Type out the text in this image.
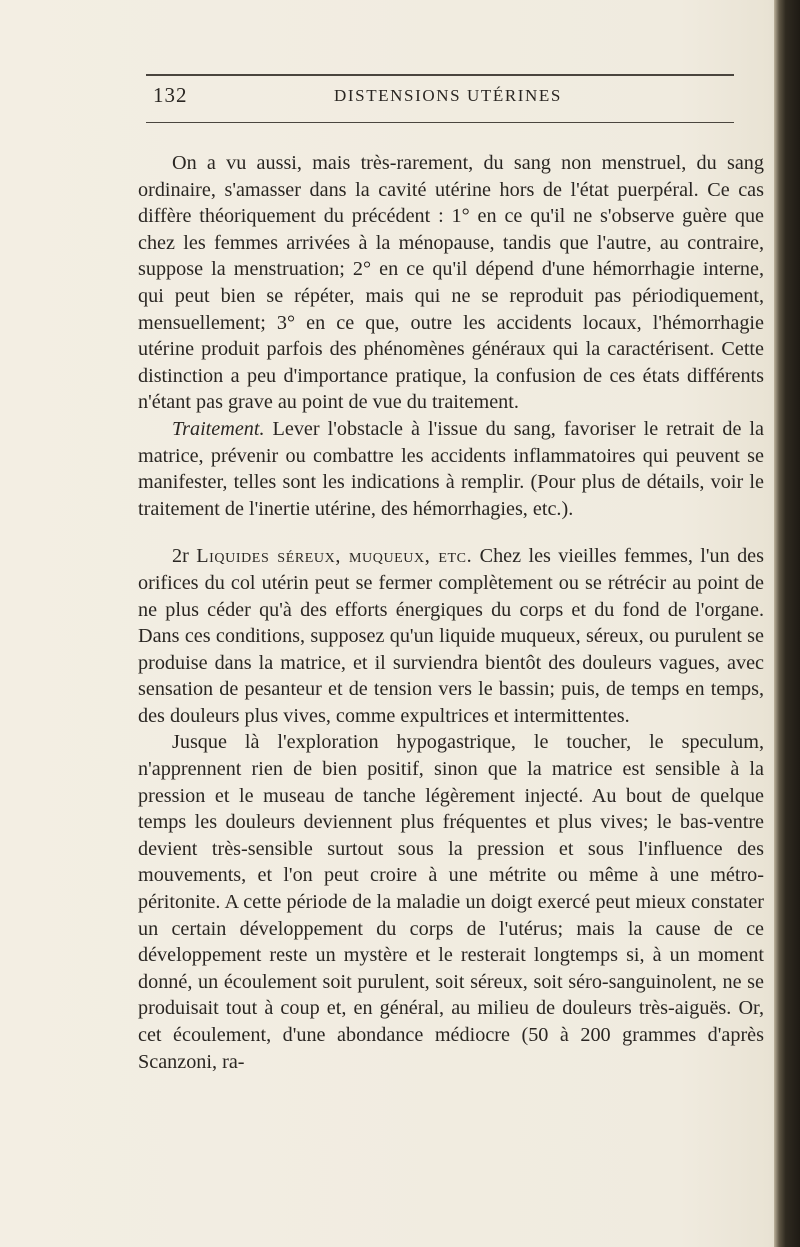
132	DISTENSIONS UTÉRINES

On a vu aussi, mais très-rarement, du sang non menstruel, du sang ordinaire, s'amasser dans la cavité utérine hors de l'état puerpéral. Ce cas diffère théoriquement du précédent : 1° en ce qu'il ne s'observe guère que chez les femmes arrivées à la ménopause, tandis que l'autre, au contraire, suppose la menstruation; 2° en ce qu'il dépend d'une hémorrhagie interne, qui peut bien se répéter, mais qui ne se reproduit pas périodiquement, mensuellement; 3° en ce que, outre les accidents locaux, l'hémorrhagie utérine produit parfois des phénomènes généraux qui la caractérisent. Cette distinction a peu d'importance pratique, la confusion de ces états différents n'étant pas grave au point de vue du traitement.

Traitement. Lever l'obstacle à l'issue du sang, favoriser le retrait de la matrice, prévenir ou combattre les accidents inflammatoires qui peuvent se manifester, telles sont les indications à remplir. (Pour plus de détails, voir le traitement de l'inertie utérine, des hémorrhagies, etc.).

2r Liquides séreux, muqueux, etc. Chez les vieilles femmes, l'un des orifices du col utérin peut se fermer complètement ou se rétrécir au point de ne plus céder qu'à des efforts énergiques du corps et du fond de l'organe. Dans ces conditions, supposez qu'un liquide muqueux, séreux, ou purulent se produise dans la matrice, et il surviendra bientôt des douleurs vagues, avec sensation de pesanteur et de tension vers le bassin; puis, de temps en temps, des douleurs plus vives, comme expultrices et intermittentes.

Jusque là l'exploration hypogastrique, le toucher, le speculum, n'apprennent rien de bien positif, sinon que la matrice est sensible à la pression et le museau de tanche légèrement injecté. Au bout de quelque temps les douleurs deviennent plus fréquentes et plus vives; le bas-ventre devient très-sensible surtout sous la pression et sous l'influence des mouvements, et l'on peut croire à une métrite ou même à une métro-péritonite. A cette période de la maladie un doigt exercé peut mieux constater un certain développement du corps de l'utérus; mais la cause de ce développement reste un mystère et le resterait longtemps si, à un moment donné, un écoulement soit purulent, soit séreux, soit séro-sanguinolent, ne se produisait tout à coup et, en général, au milieu de douleurs très-aiguës. Or, cet écoulement, d'une abondance médiocre (50 à 200 grammes d'après Scanzoni, ra-
